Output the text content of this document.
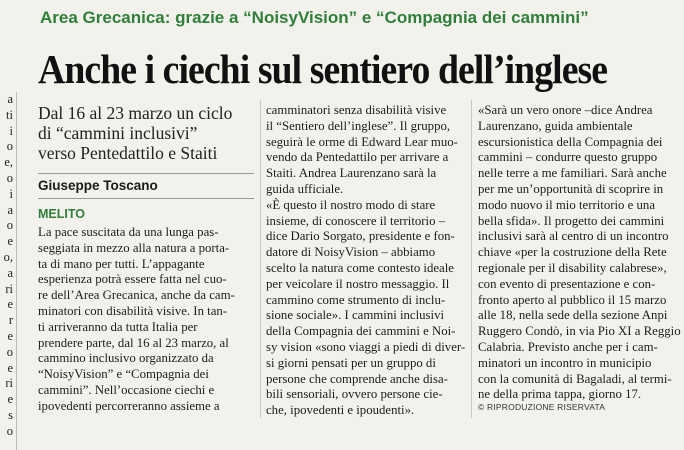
a
ti
i
o
e,
o
i
a
o
e
o,
a
ri
e
r
e
o
e
ri
e
s
o
Area Grecanica: grazie a “NoisyVision” e “Compagnia dei cammini”
Anche i ciechi sul sentiero dell’inglese
Dal 16 al 23 marzo un ciclo
di “cammini inclusivi”
verso Pentedattilo e Staiti
Giuseppe Toscano
MELITO
La pace suscitata da una lunga pas-
seggiata in mezzo alla natura a porta-
ta di mano per tutti. L’appagante
esperienza potrà essere fatta nel cuo-
re dell’Area Grecanica, anche da cam-
minatori con disabilità visive. In tan-
ti arriveranno da tutta Italia per
prendere parte, dal 16 al 23 marzo, al
cammino inclusivo organizzato da
“NoisyVision” e “Compagnia dei
cammini”. Nell’occasione ciechi e
ipovedenti percorreranno assieme a
camminatori senza disabilità visive
il “Sentiero dell’inglese”. Il gruppo,
seguirà le orme di Edward Lear muo-
vendo da Pentedattilo per arrivare a
Staiti. Andrea Laurenzano sarà la
guida ufficiale.
«È questo il nostro modo di stare
insieme, di conoscere il territorio –
dice Dario Sorgato, presidente e fon-
datore di NoisyVision – abbiamo
scelto la natura come contesto ideale
per veicolare il nostro messaggio. Il
cammino come strumento di inclu-
sione sociale». I cammini inclusivi
della Compagnia dei cammini e Noi-
sy vision «sono viaggi a piedi di diver-
si giorni pensati per un gruppo di
persone che comprende anche disa-
bili sensoriali, ovvero persone cie-
che, ipovedenti e ipoudenti».
«Sarà un vero onore –dice Andrea
Laurenzano, guida ambientale
escursionistica della Compagnia dei
cammini – condurre questo gruppo
nelle terre a me familiari. Sarà anche
per me un’opportunità di scoprire in
modo nuovo il mio territorio e una
bella sfida». Il progetto dei cammini
inclusivi sarà al centro di un incontro
chiave «per la costruzione della Rete
regionale per il disability calabrese»,
con evento di presentazione e con-
fronto aperto al pubblico il 15 marzo
alle 18, nella sede della sezione Anpi
Ruggero Condò, in via Pio XI a Reggio
Calabria. Previsto anche per i cam-
minatori un incontro in municipio
con la comunità di Bagaladi, al termi-
ne della prima tappa, giorno 17.
© RIPRODUZIONE RISERVATA
